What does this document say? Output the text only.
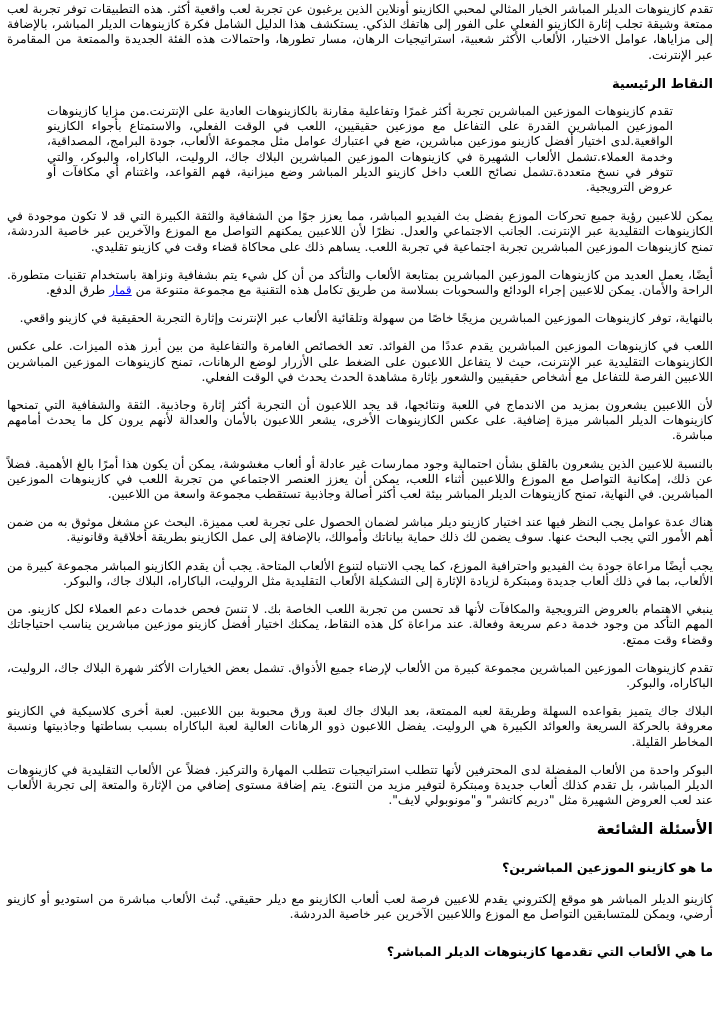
تقدم كازينوهات الديلر المباشر الخيار المثالي لمحبي الكازينو أونلاين الذين يرغبون عن تجربة لعب واقعية أكثر. هذه التطبيقات توفر تجربة لعب ممتعة وشيقة تجلب إثارة الكازينو الفعلي على الفور إلى هاتفك الذكي. يستكشف هذا الدليل الشامل فكرة كازينوهات الديلر المباشر، بالإضافة إلى مزاياها، عوامل الاختيار، الألعاب الأكثر شعبية، استراتيجيات الرهان، مسار تطورها، واحتمالات هذه الفئة الجديدة والممتعة من المقامرة عبر الإنترنت.

النقاط الرئيسية
تقدم كازينوهات الموزعين المباشرين تجربة أكثر غمرًا وتفاعلية مقارنة بالكازينوهات العادية على الإنترنت.من مزايا كازينوهات الموزعين المباشرين القدرة على التفاعل مع موزعين حقيقيين، اللعب في الوقت الفعلي، والاستمتاع بأجواء الكازينو الواقعية.لدى اختيار أفضل كازينو موزعين مباشرين، ضع في اعتبارك عوامل مثل مجموعة الألعاب، جودة البرامج، المصداقية، وخدمة العملاء.تشمل الألعاب الشهيرة في كازينوهات الموزعين المباشرين البلاك جاك، الروليت، الباكاراه، والبوكر، والتي تتوفر في نسخ متعددة.تشمل نصائح اللعب داخل كازينو الديلر المباشر وضع ميزانية، فهم القواعد، واغتنام أي مكافآت أو عروض الترويجية.

يمكن للاعبين رؤية جميع تحركات الموزع بفضل بث الفيديو المباشر، مما يعزز جوًا من الشفافية والثقة الكبيرة التي قد لا تكون موجودة في الكازينوهات التقليدية عبر الإنترنت. الجانب الاجتماعي والعدل. نظرًا لأن اللاعبين يمكنهم التواصل مع الموزع والآخرين عبر خاصية الدردشة، تمنح كازينوهات الموزعين المباشرين تجربة اجتماعية في تجربة اللعب. يساهم ذلك على محاكاة قضاء وقت في كازينو تقليدي.

أيضًا، يعمل العديد من كازينوهات الموزعين المباشرين بمتابعة الألعاب والتأكد من أن كل شيء يتم بشفافية ونزاهة باستخدام تقنيات متطورة. الراحة والأمان. يمكن للاعبين إجراء الودائع والسحوبات بسلاسة من طريق تكامل هذه التقنية مع مجموعة متنوعة من قمار طرق الدفع.

بالنهاية، توفر كازينوهات الموزعين المباشرين مزيجًا خاصًا من سهولة وتلقائية الألعاب عبر الإنترنت وإثارة التجربة الحقيقية في كازينو واقعي.

اللعب في كازينوهات الموزعين المباشرين يقدم عددًا من الفوائد. تعد الخصائص الغامرة والتفاعلية من بين أبرز هذه الميزات. على عكس الكازينوهات التقليدية عبر الإنترنت، حيث لا يتفاعل اللاعبون على الضغط على الأزرار لوضع الرهانات، تمنح كازينوهات الموزعين المباشرين اللاعبين الفرصة للتفاعل مع أشخاص حقيقيين والشعور بإثارة مشاهدة الحدث يحدث في الوقت الفعلي.

لأن اللاعبين يشعرون بمزيد من الاندماج في اللعبة ونتائجها، قد يجد اللاعبون أن التجربة أكثر إثارة وجاذبية. الثقة والشفافية التي تمنحها كازينوهات الديلر المباشر ميزة إضافية. على عكس الكازينوهات الأخرى، يشعر اللاعبون بالأمان والعدالة لأنهم يرون كل ما يحدث أمامهم مباشرة.

بالنسبة للاعبين الذين يشعرون بالقلق بشأن احتمالية وجود ممارسات غير عادلة أو ألعاب مغشوشة، يمكن أن يكون هذا أمرًا بالغ الأهمية. فضلاً عن ذلك، إمكانية التواصل مع الموزع واللاعبين أثناء اللعب، يمكن أن يعزز العنصر الاجتماعي من تجربة اللعب في كازينوهات الموزعين المباشرين. في النهاية، تمنح كازينوهات الديلر المباشر بيئة لعب أكثر أصالة وجاذبية تستقطب مجموعة واسعة من اللاعبين.

هناك عدة عوامل يجب النظر فيها عند اختيار كازينو ديلر مباشر لضمان الحصول على تجربة لعب مميزة. البحث عن مشغل موثوق به من ضمن أهم الأمور التي يجب البحث عنها. سوف يضمن لك ذلك حماية بياناتك وأموالك، بالإضافة إلى عمل الكازينو بطريقة أخلاقية وقانونية.

يجب أيضًا مراعاة جودة بث الفيديو واحترافية الموزع، كما يجب الانتباه لتنوع الألعاب المتاحة. يجب أن يقدم الكازينو المباشر مجموعة كبيرة من الألعاب، بما في ذلك ألعاب جديدة ومبتكرة لزيادة الإثارة إلى التشكيلة الألعاب التقليدية مثل الروليت، الباكاراه، البلاك جاك، والبوكر.

ينبغي الاهتمام بالعروض الترويجية والمكافآت لأنها قد تحسن من تجربة اللعب الخاصة بك. لا تنسَ فحص خدمات دعم العملاء لكل كازينو. من المهم التأكد من وجود خدمة دعم سريعة وفعالة. عند مراعاة كل هذه النقاط، يمكنك اختيار أفضل كازينو موزعين مباشرين يناسب احتياجاتك وقضاء وقت ممتع.

تقدم كازينوهات الموزعين المباشرين مجموعة كبيرة من الألعاب لإرضاء جميع الأذواق. تشمل بعض الخيارات الأكثر شهرة البلاك جاك، الروليت، الباكاراه، والبوكر.

البلاك جاك يتميز بقواعده السهلة وطريقة لعبه الممتعة، بعد البلاك جاك لعبة ورق محبوبة بين اللاعبين. لعبة أخرى كلاسيكية في الكازينو معروفة بالحركة السريعة والعوائد الكبيرة هي الروليت. يفضل اللاعبون ذوو الرهانات العالية لعبة الباكاراه بسبب بساطتها وجاذبيتها ونسبة المخاطر القليلة.

البوكر واحدة من الألعاب المفضلة لدى المحترفين لأنها تتطلب استراتيجيات تتطلب المهارة والتركيز. فضلاً عن الألعاب التقليدية في كازينوهات الديلر المباشر، بل تقدم كذلك ألعاب جديدة ومبتكرة لتوفير مزيد من التنوع. يتم إضافة مستوى إضافي من الإثارة والمتعة إلى تجربة الألعاب عند لعب العروض الشهيرة مثل "دريم كاتشر" و"مونوبولي لايف".

الأسئلة الشائعة
ما هو كازينو الموزعين المباشرين؟

كازينو الديلر المباشر هو موقع إلكتروني يقدم للاعبين فرصة لعب ألعاب الكازينو مع ديلر حقيقي. تُبث الألعاب مباشرة من استوديو أو كازينو أرضي، ويمكن للمتسابقين التواصل مع الموزع واللاعبين الآخرين عبر خاصية الدردشة.

ما هي الألعاب التي تقدمها كازينوهات الديلر المباشر؟
